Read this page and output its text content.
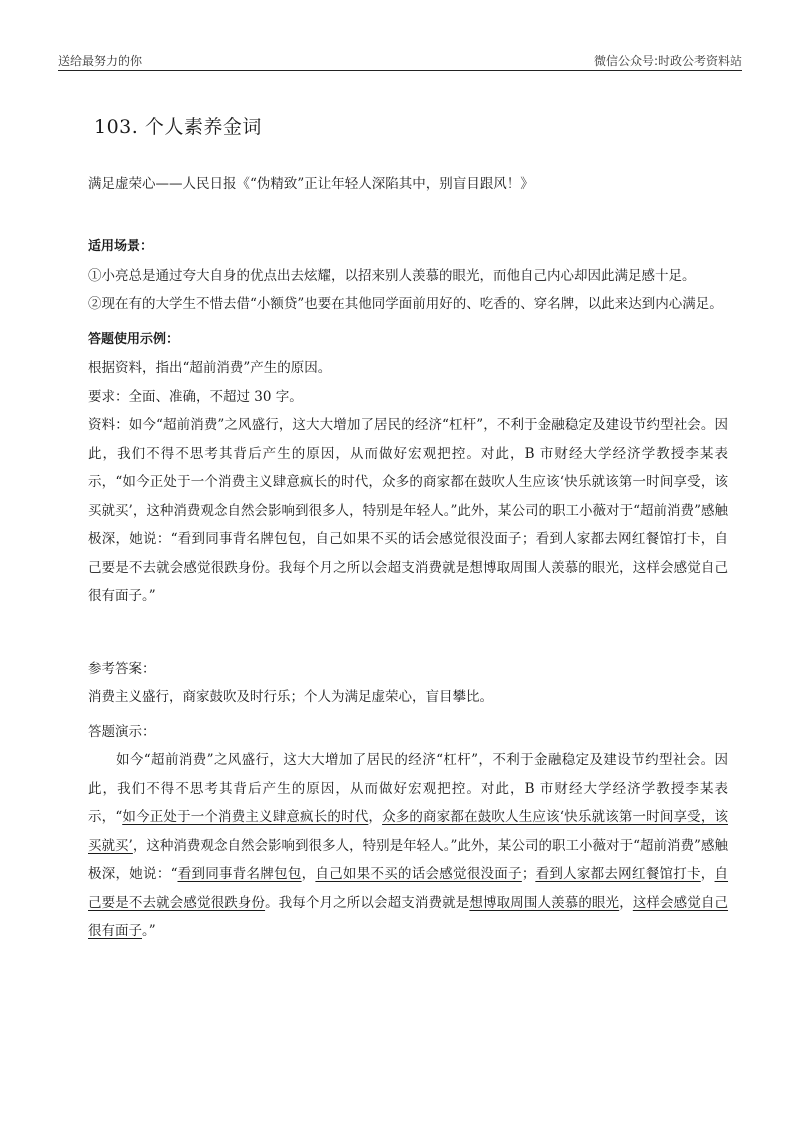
送给最努力的你	微信公众号:时政公考资料站
103. 个人素养金词

满足虚荣心——人民日报《“伪精致”正让年轻人深陷其中，别盲目跟风！》

适用场景：

①小亮总是通过夸大自身的优点出去炫耀，以招来别人羡慕的眼光，而他自己内心却因此满足感十足。

②现在有的大学生不惜去借“小额贷”也要在其他同学面前用好的、吃香的、穿名牌，以此来达到内心满足。

答题使用示例：

根据资料，指出“超前消费”产生的原因。

要求：全面、准确，不超过 30 字。

资料：如今“超前消费”之风盛行，这大大增加了居民的经济“杠杆”，不利于金融稳定及建设节约型社会。因此，我们不得不思考其背后产生的原因，从而做好宏观把控。对此，B 市财经大学经济学教授李某表示，“如今正处于一个消费主义肆意疯长的时代，众多的商家都在鼓吹人生应该‘快乐就该第一时间享受，该买就买’，这种消费观念自然会影响到很多人，特别是年轻人。”此外，某公司的职工小薇对于“超前消费”感触极深，她说：“看到同事背名牌包包，自己如果不买的话会感觉很没面子；看到人家都去网红餐馆打卡，自己要是不去就会感觉很跌身份。我每个月之所以会超支消费就是想博取周围人羡慕的眼光，这样会感觉自己很有面子。”

参考答案：

消费主义盛行，商家鼓吹及时行乐；个人为满足虚荣心，盲目攀比。

答题演示：

如今“超前消费”之风盛行，这大大增加了居民的经济“杠杆”，不利于金融稳定及建设节约型社会。因此，我们不得不思考其背后产生的原因，从而做好宏观把控。对此，B 市财经大学经济学教授李某表示，“如今正处于一个消费主义肆意疯长的时代，众多的商家都在鼓吹人生应该‘快乐就该第一时间享受，该买就买’，这种消费观念自然会影响到很多人，特别是年轻人。”此外，某公司的职工小薇对于“超前消费”感触极深，她说：“看到同事背名牌包包，自己如果不买的话会感觉很没面子；看到人家都去网红餐馆打卡，自己要是不去就会感觉很跌身份。我每个月之所以会超支消费就是想博取周围人羡慕的眼光，这样会感觉自己很有面子。”
